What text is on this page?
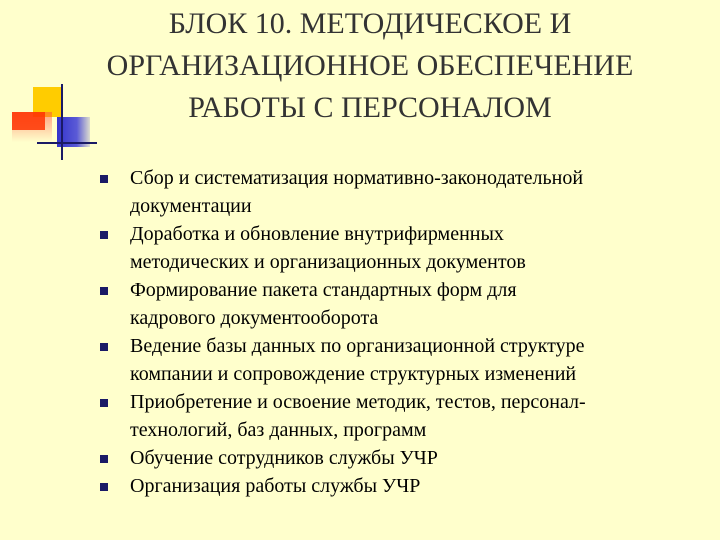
БЛОК 10. МЕТОДИЧЕСКОЕ И
ОРГАНИЗАЦИОННОЕ ОБЕСПЕЧЕНИЕ
РАБОТЫ С ПЕРСОНАЛОМ
Сбор и систематизация нормативно-законодательной
документации
Доработка и обновление внутрифирменных
методических и организационных документов
Формирование пакета стандартных форм для
кадрового документооборота
Ведение базы данных по организационной структуре
компании и сопровождение структурных изменений
Приобретение и освоение методик, тестов, персонал-
технологий, баз данных, программ
Обучение сотрудников службы УЧР
Организация работы службы УЧР
